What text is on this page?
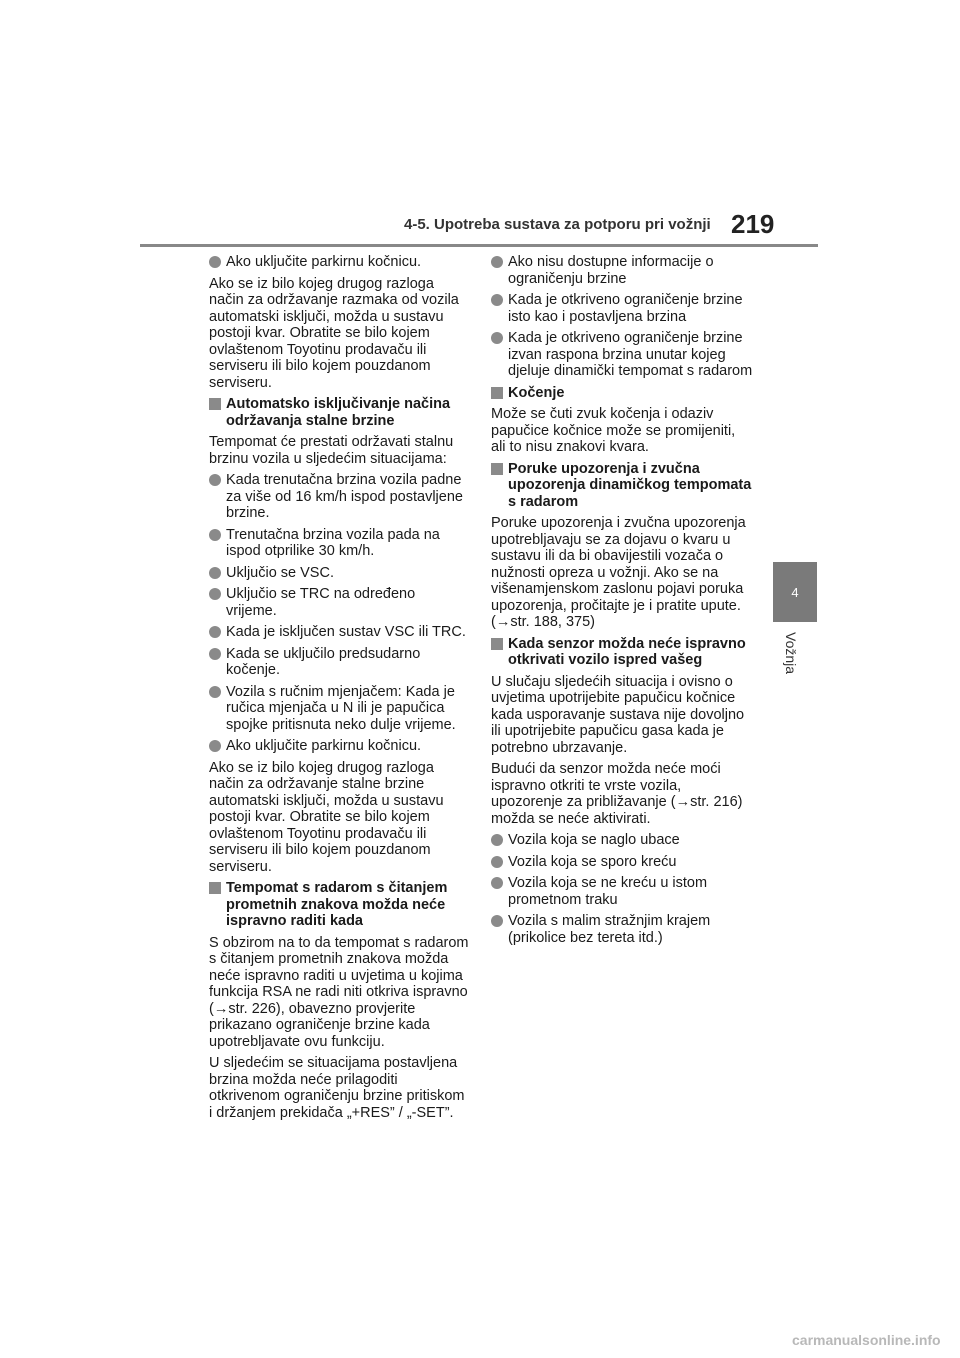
4-5. Upotreba sustava za potporu pri vožnji 219
4
Vožnja
Ako uključite parkirnu kočnicu.
Ako se iz bilo kojeg drugog razloga način za održavanje razmaka od vozila automatski isključi, možda u sustavu postoji kvar. Obratite se bilo kojem ovlaštenom Toyotinu prodavaču ili serviseru ili bilo kojem pouzdanom serviseru.
Automatsko isključivanje načina održavanja stalne brzine
Tempomat će prestati održavati stalnu brzinu vozila u sljedećim situacijama:
Kada trenutačna brzina vozila padne za više od 16 km/h ispod postavljene brzine.
Trenutačna brzina vozila pada na ispod otprilike 30 km/h.
Uključio se VSC.
Uključio se TRC na određeno vrijeme.
Kada je isključen sustav VSC ili TRC.
Kada se uključilo predsudarno kočenje.
Vozila s ručnim mjenjačem: Kada je ručica mjenjača u N ili je papučica spojke pritisnuta neko dulje vrijeme.
Ako uključite parkirnu kočnicu.
Ako se iz bilo kojeg drugog razloga način za održavanje stalne brzine automatski isključi, možda u sustavu postoji kvar. Obratite se bilo kojem ovlaštenom Toyotinu prodavaču ili serviseru ili bilo kojem pouzdanom serviseru.
Tempomat s radarom s čitanjem prometnih znakova možda neće ispravno raditi kada
S obzirom na to da tempomat s radarom s čitanjem prometnih znakova možda neće ispravno raditi u uvjetima u kojima funkcija RSA ne radi niti otkriva ispravno (→str. 226), obavezno provjerite prikazano ograničenje brzine kada upotrebljavate ovu funkciju.
U sljedećim se situacijama postavljena brzina možda neće prilagoditi otkrivenom ograničenju brzine pritiskom i držanjem prekidača „+RES” / „-SET”.
Ako nisu dostupne informacije o ograničenju brzine
Kada je otkriveno ograničenje brzine isto kao i postavljena brzina
Kada je otkriveno ograničenje brzine izvan raspona brzina unutar kojeg djeluje dinamički tempomat s radarom
Kočenje
Može se čuti zvuk kočenja i odaziv papučice kočnice može se promijeniti, ali to nisu znakovi kvara.
Poruke upozorenja i zvučna upozorenja dinamičkog tempomata s radarom
Poruke upozorenja i zvučna upozorenja upotrebljavaju se za dojavu o kvaru u sustavu ili da bi obavijestili vozača o nužnosti opreza u vožnji. Ako se na višenamjenskom zaslonu pojavi poruka upozorenja, pročitajte je i pratite upute. (→str. 188, 375)
Kada senzor možda neće ispravno otkrivati vozilo ispred vašeg
U slučaju sljedećih situacija i ovisno o uvjetima upotrijebite papučicu kočnice kada usporavanje sustava nije dovoljno ili upotrijebite papučicu gasa kada je potrebno ubrzavanje.
Budući da senzor možda neće moći ispravno otkriti te vrste vozila, upozorenje za približavanje (→str. 216) možda se neće aktivirati.
Vozila koja se naglo ubace
Vozila koja se sporo kreću
Vozila koja se ne kreću u istom prometnom traku
Vozila s malim stražnjim krajem (prikolice bez tereta itd.)
carmanualsonline.info
